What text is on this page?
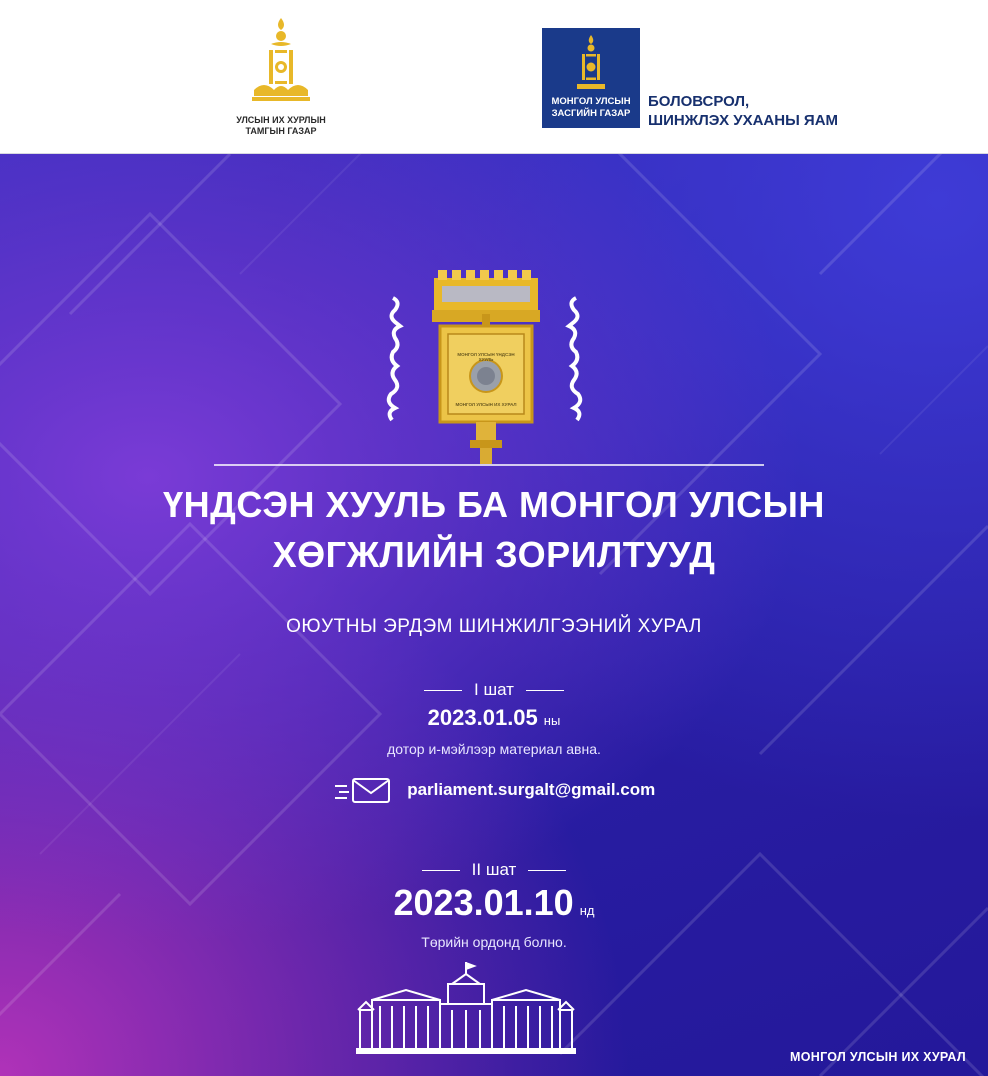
УЛСЫН ИХ ХУРЛЫН
ТАМГЫН ГАЗАР
МОНГОЛ УЛСЫН
ЗАСГИЙН ГАЗАР
БОЛОВСРОЛ,
ШИНЖЛЭХ УХААНЫ ЯАМ
МОНГОЛ УЛСЫН ҮНДСЭН
ХУУЛЬ
МОНГОЛ УЛСЫН ИХ ХУРАЛ
ҮНДСЭН ХУУЛЬ БА МОНГОЛ УЛСЫН
ХӨГЖЛИЙН ЗОРИЛТУУД
ОЮУТНЫ ЭРДЭМ ШИНЖИЛГЭЭНИЙ ХУРАЛ
I шат
2023.01.05 ны
дотор и-мэйлээр материал авна.
parliament.surgalt@gmail.com
II шат
2023.01.10 нд
Төрийн ордонд болно.
МОНГОЛ УЛСЫН ИХ ХУРАЛ
